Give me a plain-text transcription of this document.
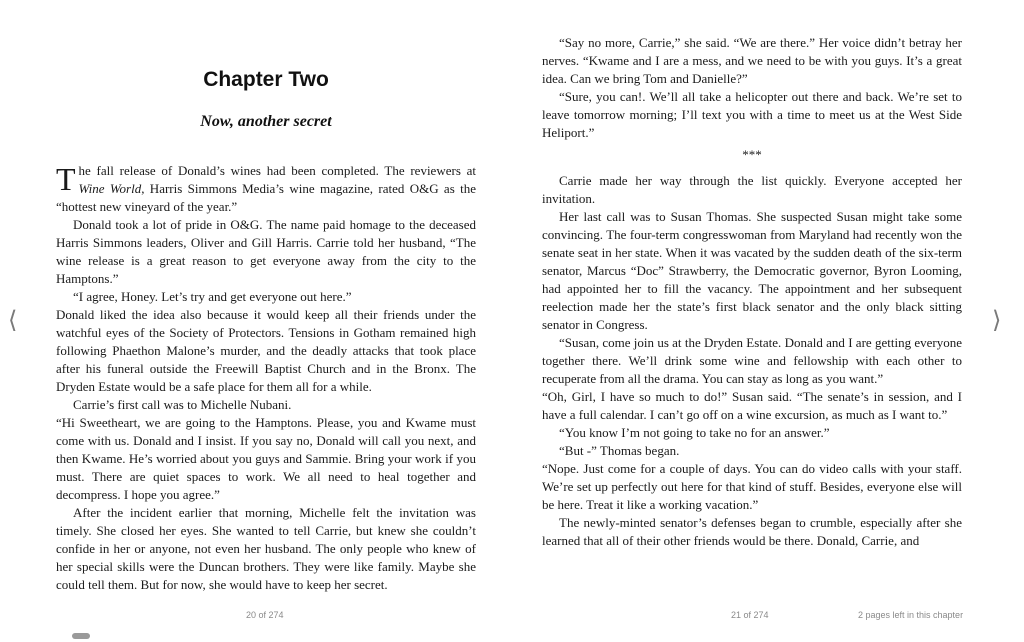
Chapter Two
Now, another secret

The fall release of Donald’s wines had been completed. The reviewers at Wine World, Harris Simmons Media’s wine magazine, rated O&G as the “hottest new vineyard of the year.”

Donald took a lot of pride in O&G. The name paid homage to the deceased Harris Simmons leaders, Oliver and Gill Harris. Carrie told her husband, “The wine release is a great reason to get everyone away from the city to the Hamptons.”

“I agree, Honey. Let’s try and get everyone out here.”

Donald liked the idea also because it would keep all their friends under the watchful eyes of the Society of Protectors. Tensions in Gotham remained high following Phaethon Malone’s murder, and the deadly attacks that took place after his funeral outside the Freewill Baptist Church and in the Bronx. The Dryden Estate would be a safe place for them all for a while.

Carrie’s first call was to Michelle Nubani.

“Hi Sweetheart, we are going to the Hamptons. Please, you and Kwame must come with us. Donald and I insist. If you say no, Donald will call you next, and then Kwame. He’s worried about you guys and Sammie. Bring your work if you must. There are quiet spaces to work. We all need to heal together and decompress. I hope you agree.”

After the incident earlier that morning, Michelle felt the invitation was timely. She closed her eyes. She wanted to tell Carrie, but knew she couldn’t confide in her or anyone, not even her husband. The only people who knew of her special skills were the Duncan brothers. They were like family. Maybe she could tell them. But for now, she would have to keep her secret.

“Say no more, Carrie,” she said. “We are there.” Her voice didn’t betray her nerves. “Kwame and I are a mess, and we need to be with you guys. It’s a great idea. Can we bring Tom and Danielle?”

“Sure, you can!. We’ll all take a helicopter out there and back. We’re set to leave tomorrow morning; I’ll text you with a time to meet us at the West Side Heliport.”

***

Carrie made her way through the list quickly. Everyone accepted her invitation.

Her last call was to Susan Thomas. She suspected Susan might take some convincing. The four-term congresswoman from Maryland had recently won the senate seat in her state. When it was vacated by the sudden death of the six-term senator, Marcus “Doc” Strawberry, the Democratic governor, Byron Looming, had appointed her to fill the vacancy. The appointment and her subsequent reelection made her the state’s first black senator and the only black sitting senator in Congress.

“Susan, come join us at the Dryden Estate. Donald and I are getting everyone together there. We’ll drink some wine and fellowship with each other to recuperate from all the drama. You can stay as long as you want.”

“Oh, Girl, I have so much to do!” Susan said. “The senate’s in session, and I have a full calendar. I can’t go off on a wine excursion, as much as I want to.”

“You know I’m not going to take no for an answer.”

“But -” Thomas began.

“Nope. Just come for a couple of days. You can do video calls with your staff. We’re set up perfectly out here for that kind of stuff. Besides, everyone else will be here. Treat it like a working vacation.”

The newly-minted senator’s defenses began to crumble, especially after she learned that all of their other friends would be there. Donald, Carrie, and

20 of 274	21 of 274	2 pages left in this chapter
⟨	⟩
